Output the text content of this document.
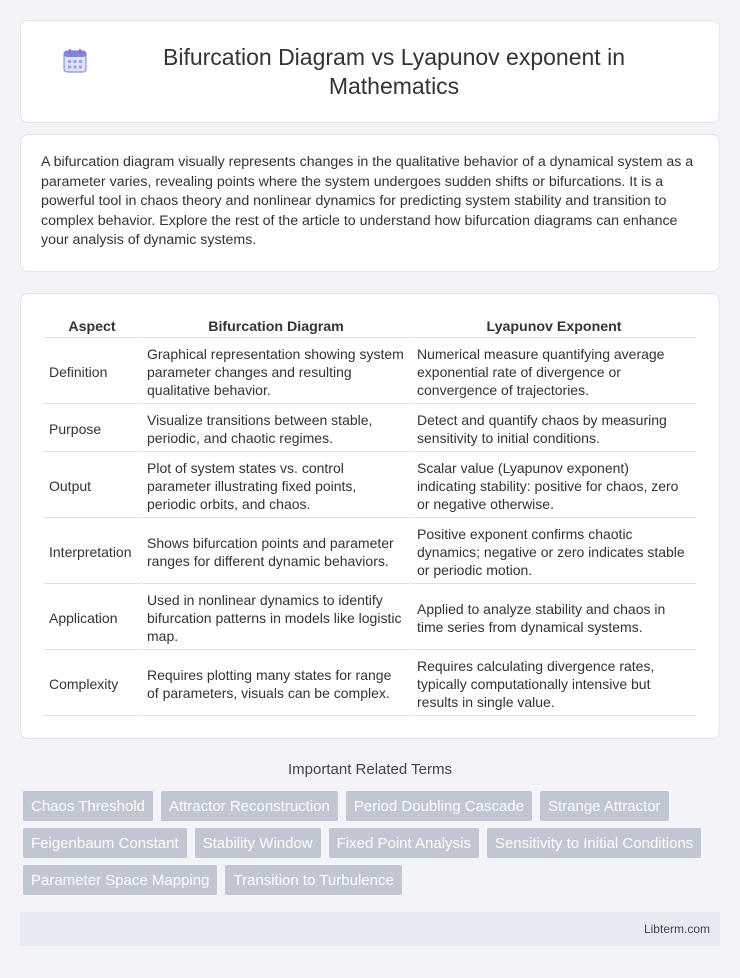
Bifurcation Diagram vs Lyapunov exponent in Mathematics

A bifurcation diagram visually represents changes in the qualitative behavior of a dynamical system as a parameter varies, revealing points where the system undergoes sudden shifts or bifurcations. It is a powerful tool in chaos theory and nonlinear dynamics for predicting system stability and transition to complex behavior. Explore the rest of the article to understand how bifurcation diagrams can enhance your analysis of dynamic systems.

Aspect	Bifurcation Diagram	Lyapunov Exponent
Definition	Graphical representation showing system parameter changes and resulting qualitative behavior.	Numerical measure quantifying average exponential rate of divergence or convergence of trajectories.
Purpose	Visualize transitions between stable, periodic, and chaotic regimes.	Detect and quantify chaos by measuring sensitivity to initial conditions.
Output	Plot of system states vs. control parameter illustrating fixed points, periodic orbits, and chaos.	Scalar value (Lyapunov exponent) indicating stability: positive for chaos, zero or negative otherwise.
Interpretation	Shows bifurcation points and parameter ranges for different dynamic behaviors.	Positive exponent confirms chaotic dynamics; negative or zero indicates stable or periodic motion.
Application	Used in nonlinear dynamics to identify bifurcation patterns in models like logistic map.	Applied to analyze stability and chaos in time series from dynamical systems.
Complexity	Requires plotting many states for range of parameters, visuals can be complex.	Requires calculating divergence rates, typically computationally intensive but results in single value.
Important Related Terms
Chaos Threshold	Attractor Reconstruction	Period Doubling Cascade	Strange Attractor
Feigenbaum Constant	Stability Window	Fixed Point Analysis	Sensitivity to Initial Conditions
Parameter Space Mapping	Transition to Turbulence
Libterm.com
